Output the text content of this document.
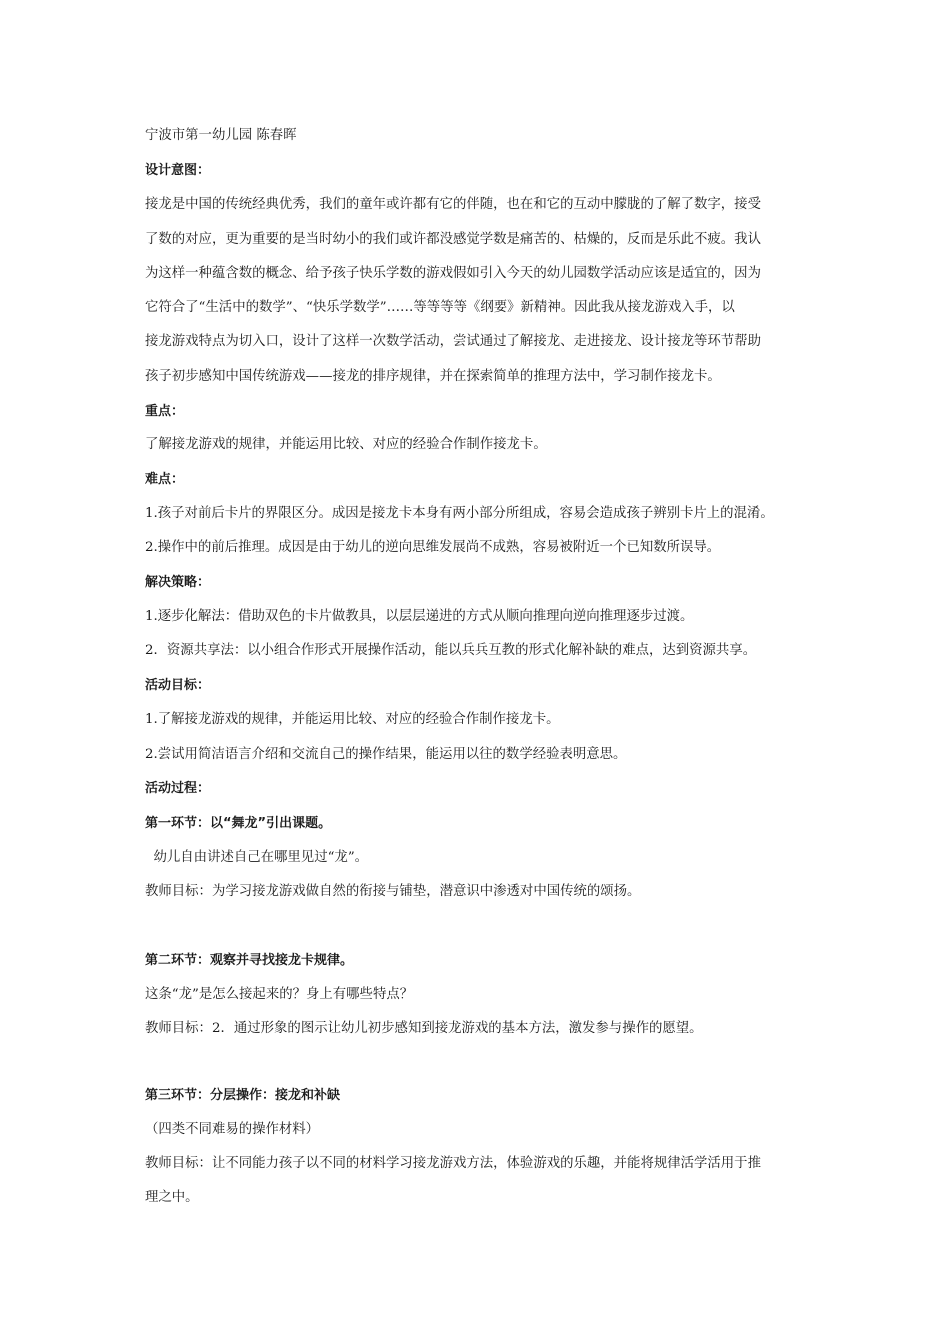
宁波市第一幼儿园 陈春晖

设计意图：

接龙是中国的传统经典优秀，我们的童年或许都有它的伴随，也在和它的互动中朦胧的了解了数字，接受

了数的对应，更为重要的是当时幼小的我们或许都没感觉学数是痛苦的、枯燥的，反而是乐此不疲。我认

为这样一种蕴含数的概念、给予孩子快乐学数的游戏假如引入今天的幼儿园数学活动应该是适宜的，因为

它符合了“生活中的数学”、“快乐学数学”……等等等等《纲要》新精神。因此我从接龙游戏入手，以

接龙游戏特点为切入口，设计了这样一次数学活动，尝试通过了解接龙、走进接龙、设计接龙等环节帮助

孩子初步感知中国传统游戏——接龙的排序规律，并在探索简单的推理方法中，学习制作接龙卡。

重点：

了解接龙游戏的规律，并能运用比较、对应的经验合作制作接龙卡。

难点：

1.孩子对前后卡片的界限区分。成因是接龙卡本身有两小部分所组成，容易会造成孩子辨别卡片上的混淆。

2.操作中的前后推理。成因是由于幼儿的逆向思维发展尚不成熟，容易被附近一个已知数所误导。

解决策略：

1.逐步化解法：借助双色的卡片做教具，以层层递进的方式从顺向推理向逆向推理逐步过渡。

2．资源共享法：以小组合作形式开展操作活动，能以兵兵互教的形式化解补缺的难点，达到资源共享。

活动目标：

1.了解接龙游戏的规律，并能运用比较、对应的经验合作制作接龙卡。

2.尝试用简洁语言介绍和交流自己的操作结果，能运用以往的数学经验表明意思。

活动过程：

第一环节：以“舞龙”引出课题。

幼儿自由讲述自己在哪里见过“龙”。

教师目标：为学习接龙游戏做自然的衔接与铺垫，潜意识中渗透对中国传统的颂扬。

第二环节：观察并寻找接龙卡规律。

这条“龙”是怎么接起来的？身上有哪些特点？

教师目标：2．通过形象的图示让幼儿初步感知到接龙游戏的基本方法，激发参与操作的愿望。

第三环节：分层操作：接龙和补缺

（四类不同难易的操作材料）

教师目标：让不同能力孩子以不同的材料学习接龙游戏方法，体验游戏的乐趣，并能将规律活学活用于推

理之中。
